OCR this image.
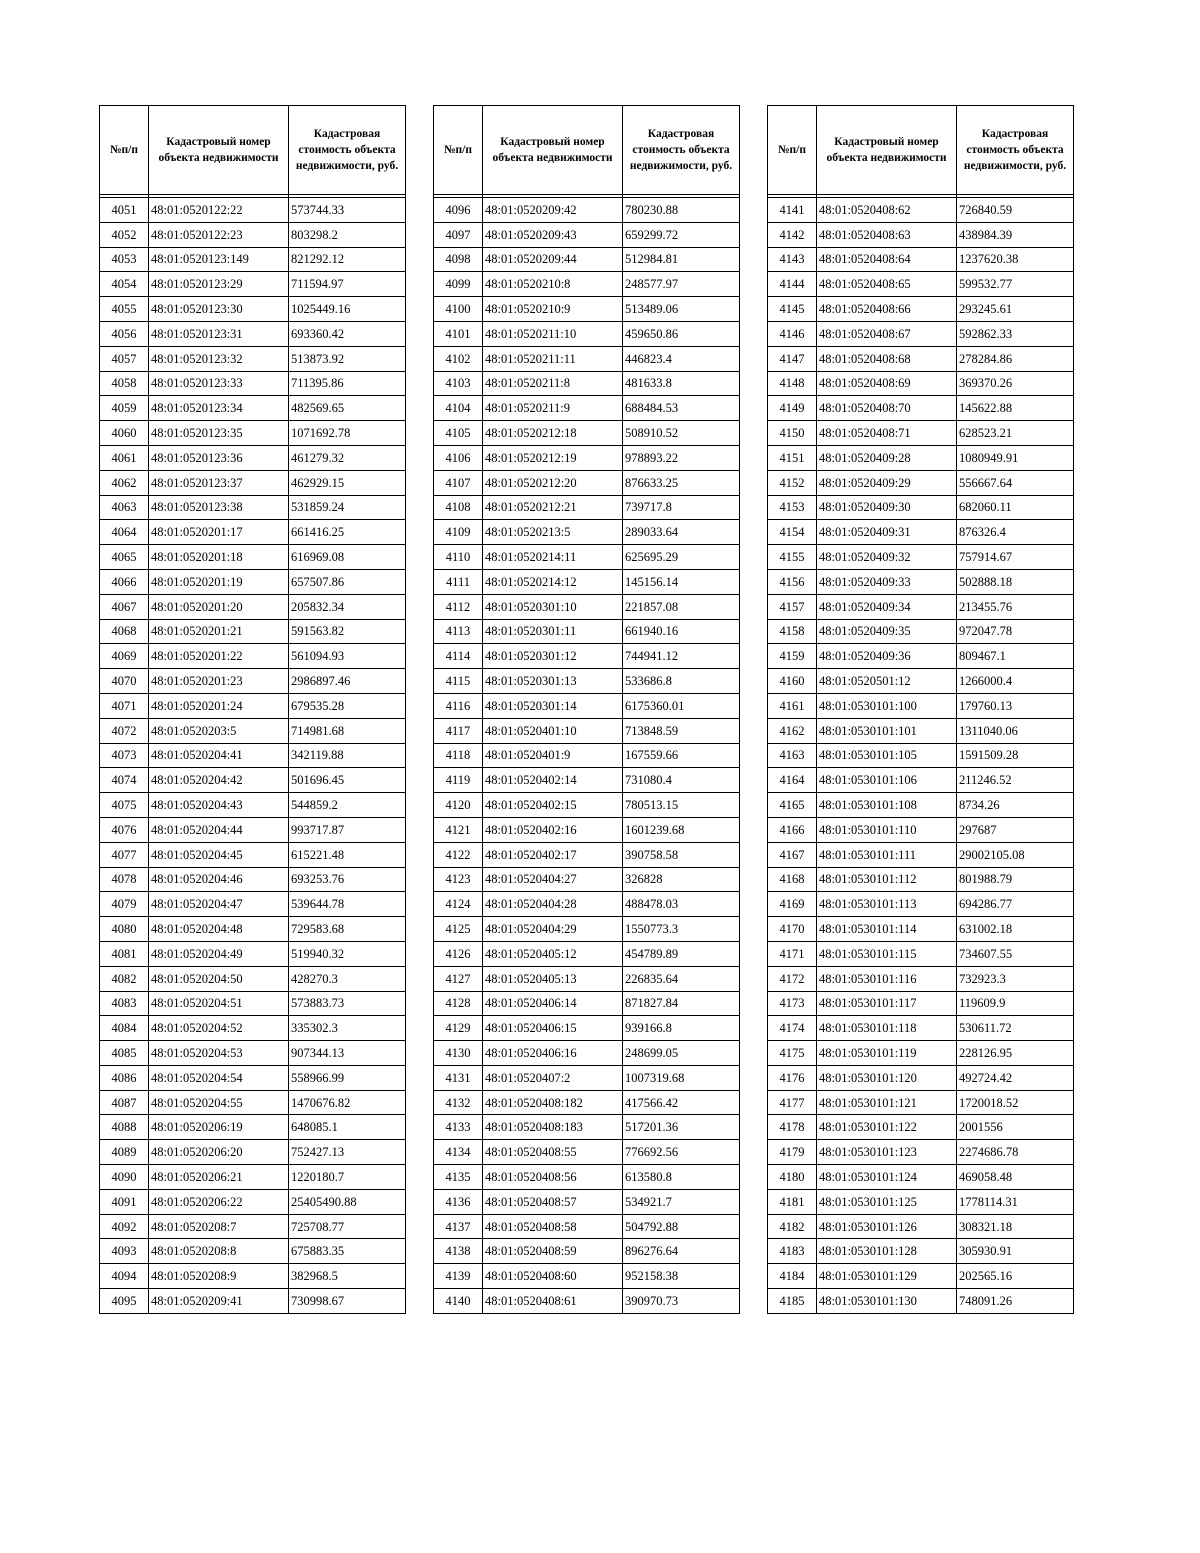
№п/п	Кадастровый номер объекта недвижимости	Кадастровая стоимость объекта недвижимости, руб.

4051	48:01:0520122:22	573744.33
4052	48:01:0520122:23	803298.2
4053	48:01:0520123:149	821292.12
4054	48:01:0520123:29	711594.97
4055	48:01:0520123:30	1025449.16
4056	48:01:0520123:31	693360.42
4057	48:01:0520123:32	513873.92
4058	48:01:0520123:33	711395.86
4059	48:01:0520123:34	482569.65
4060	48:01:0520123:35	1071692.78
4061	48:01:0520123:36	461279.32
4062	48:01:0520123:37	462929.15
4063	48:01:0520123:38	531859.24
4064	48:01:0520201:17	661416.25
4065	48:01:0520201:18	616969.08
4066	48:01:0520201:19	657507.86
4067	48:01:0520201:20	205832.34
4068	48:01:0520201:21	591563.82
4069	48:01:0520201:22	561094.93
4070	48:01:0520201:23	2986897.46
4071	48:01:0520201:24	679535.28
4072	48:01:0520203:5	714981.68
4073	48:01:0520204:41	342119.88
4074	48:01:0520204:42	501696.45
4075	48:01:0520204:43	544859.2
4076	48:01:0520204:44	993717.87
4077	48:01:0520204:45	615221.48
4078	48:01:0520204:46	693253.76
4079	48:01:0520204:47	539644.78
4080	48:01:0520204:48	729583.68
4081	48:01:0520204:49	519940.32
4082	48:01:0520204:50	428270.3
4083	48:01:0520204:51	573883.73
4084	48:01:0520204:52	335302.3
4085	48:01:0520204:53	907344.13
4086	48:01:0520204:54	558966.99
4087	48:01:0520204:55	1470676.82
4088	48:01:0520206:19	648085.1
4089	48:01:0520206:20	752427.13
4090	48:01:0520206:21	1220180.7
4091	48:01:0520206:22	25405490.88
4092	48:01:0520208:7	725708.77
4093	48:01:0520208:8	675883.35
4094	48:01:0520208:9	382968.5
4095	48:01:0520209:41	730998.67
№п/п	Кадастровый номер объекта недвижимости	Кадастровая стоимость объекта недвижимости, руб.

4096	48:01:0520209:42	780230.88
4097	48:01:0520209:43	659299.72
4098	48:01:0520209:44	512984.81
4099	48:01:0520210:8	248577.97
4100	48:01:0520210:9	513489.06
4101	48:01:0520211:10	459650.86
4102	48:01:0520211:11	446823.4
4103	48:01:0520211:8	481633.8
4104	48:01:0520211:9	688484.53
4105	48:01:0520212:18	508910.52
4106	48:01:0520212:19	978893.22
4107	48:01:0520212:20	876633.25
4108	48:01:0520212:21	739717.8
4109	48:01:0520213:5	289033.64
4110	48:01:0520214:11	625695.29
4111	48:01:0520214:12	145156.14
4112	48:01:0520301:10	221857.08
4113	48:01:0520301:11	661940.16
4114	48:01:0520301:12	744941.12
4115	48:01:0520301:13	533686.8
4116	48:01:0520301:14	6175360.01
4117	48:01:0520401:10	713848.59
4118	48:01:0520401:9	167559.66
4119	48:01:0520402:14	731080.4
4120	48:01:0520402:15	780513.15
4121	48:01:0520402:16	1601239.68
4122	48:01:0520402:17	390758.58
4123	48:01:0520404:27	326828
4124	48:01:0520404:28	488478.03
4125	48:01:0520404:29	1550773.3
4126	48:01:0520405:12	454789.89
4127	48:01:0520405:13	226835.64
4128	48:01:0520406:14	871827.84
4129	48:01:0520406:15	939166.8
4130	48:01:0520406:16	248699.05
4131	48:01:0520407:2	1007319.68
4132	48:01:0520408:182	417566.42
4133	48:01:0520408:183	517201.36
4134	48:01:0520408:55	776692.56
4135	48:01:0520408:56	613580.8
4136	48:01:0520408:57	534921.7
4137	48:01:0520408:58	504792.88
4138	48:01:0520408:59	896276.64
4139	48:01:0520408:60	952158.38
4140	48:01:0520408:61	390970.73
№п/п	Кадастровый номер объекта недвижимости	Кадастровая стоимость объекта недвижимости, руб.

4141	48:01:0520408:62	726840.59
4142	48:01:0520408:63	438984.39
4143	48:01:0520408:64	1237620.38
4144	48:01:0520408:65	599532.77
4145	48:01:0520408:66	293245.61
4146	48:01:0520408:67	592862.33
4147	48:01:0520408:68	278284.86
4148	48:01:0520408:69	369370.26
4149	48:01:0520408:70	145622.88
4150	48:01:0520408:71	628523.21
4151	48:01:0520409:28	1080949.91
4152	48:01:0520409:29	556667.64
4153	48:01:0520409:30	682060.11
4154	48:01:0520409:31	876326.4
4155	48:01:0520409:32	757914.67
4156	48:01:0520409:33	502888.18
4157	48:01:0520409:34	213455.76
4158	48:01:0520409:35	972047.78
4159	48:01:0520409:36	809467.1
4160	48:01:0520501:12	1266000.4
4161	48:01:0530101:100	179760.13
4162	48:01:0530101:101	1311040.06
4163	48:01:0530101:105	1591509.28
4164	48:01:0530101:106	211246.52
4165	48:01:0530101:108	8734.26
4166	48:01:0530101:110	297687
4167	48:01:0530101:111	29002105.08
4168	48:01:0530101:112	801988.79
4169	48:01:0530101:113	694286.77
4170	48:01:0530101:114	631002.18
4171	48:01:0530101:115	734607.55
4172	48:01:0530101:116	732923.3
4173	48:01:0530101:117	119609.9
4174	48:01:0530101:118	530611.72
4175	48:01:0530101:119	228126.95
4176	48:01:0530101:120	492724.42
4177	48:01:0530101:121	1720018.52
4178	48:01:0530101:122	2001556
4179	48:01:0530101:123	2274686.78
4180	48:01:0530101:124	469058.48
4181	48:01:0530101:125	1778114.31
4182	48:01:0530101:126	308321.18
4183	48:01:0530101:128	305930.91
4184	48:01:0530101:129	202565.16
4185	48:01:0530101:130	748091.26
